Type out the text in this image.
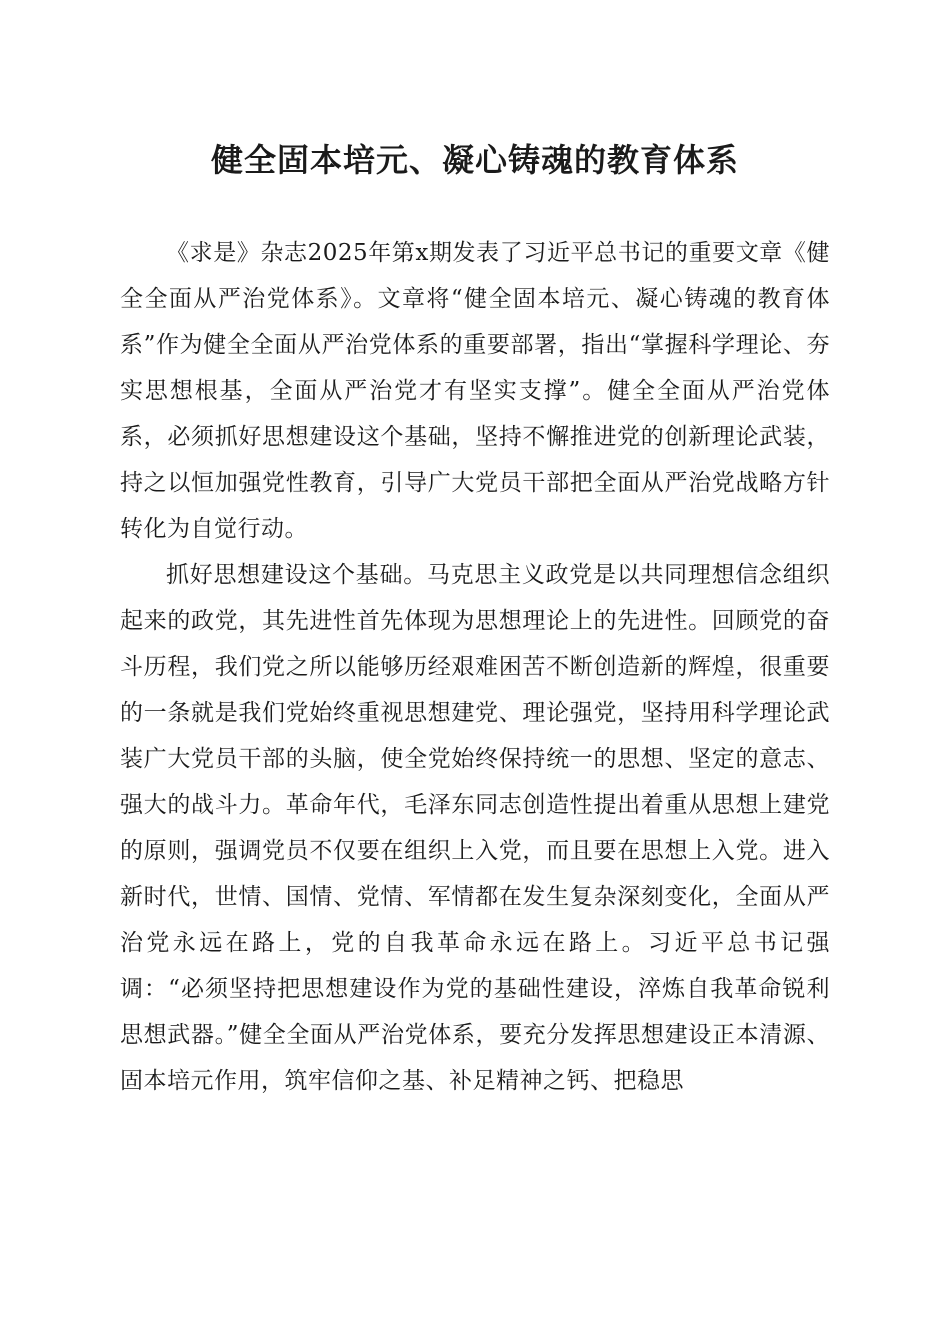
健全固本培元、凝心铸魂的教育体系

《求是》杂志2025年第x期发表了习近平总书记的重要文章《健全全面从严治党体系》。文章将“健全固本培元、凝心铸魂的教育体系”作为健全全面从严治党体系的重要部署，指出“掌握科学理论、夯实思想根基，全面从严治党才有坚实支撑”。健全全面从严治党体系，必须抓好思想建设这个基础，坚持不懈推进党的创新理论武装，持之以恒加强党性教育，引导广大党员干部把全面从严治党战略方针转化为自觉行动。

抓好思想建设这个基础。马克思主义政党是以共同理想信念组织起来的政党，其先进性首先体现为思想理论上的先进性。回顾党的奋斗历程，我们党之所以能够历经艰难困苦不断创造新的辉煌，很重要的一条就是我们党始终重视思想建党、理论强党，坚持用科学理论武装广大党员干部的头脑，使全党始终保持统一的思想、坚定的意志、强大的战斗力。革命年代，毛泽东同志创造性提出着重从思想上建党的原则，强调党员不仅要在组织上入党，而且要在思想上入党。进入新时代，世情、国情、党情、军情都在发生复杂深刻变化，全面从严治党永远在路上，党的自我革命永远在路上。习近平总书记强调：“必须坚持把思想建设作为党的基础性建设，淬炼自我革命锐利思想武器。”健全全面从严治党体系，要充分发挥思想建设正本清源、固本培元作用，筑牢信仰之基、补足精神之钙、把稳思
